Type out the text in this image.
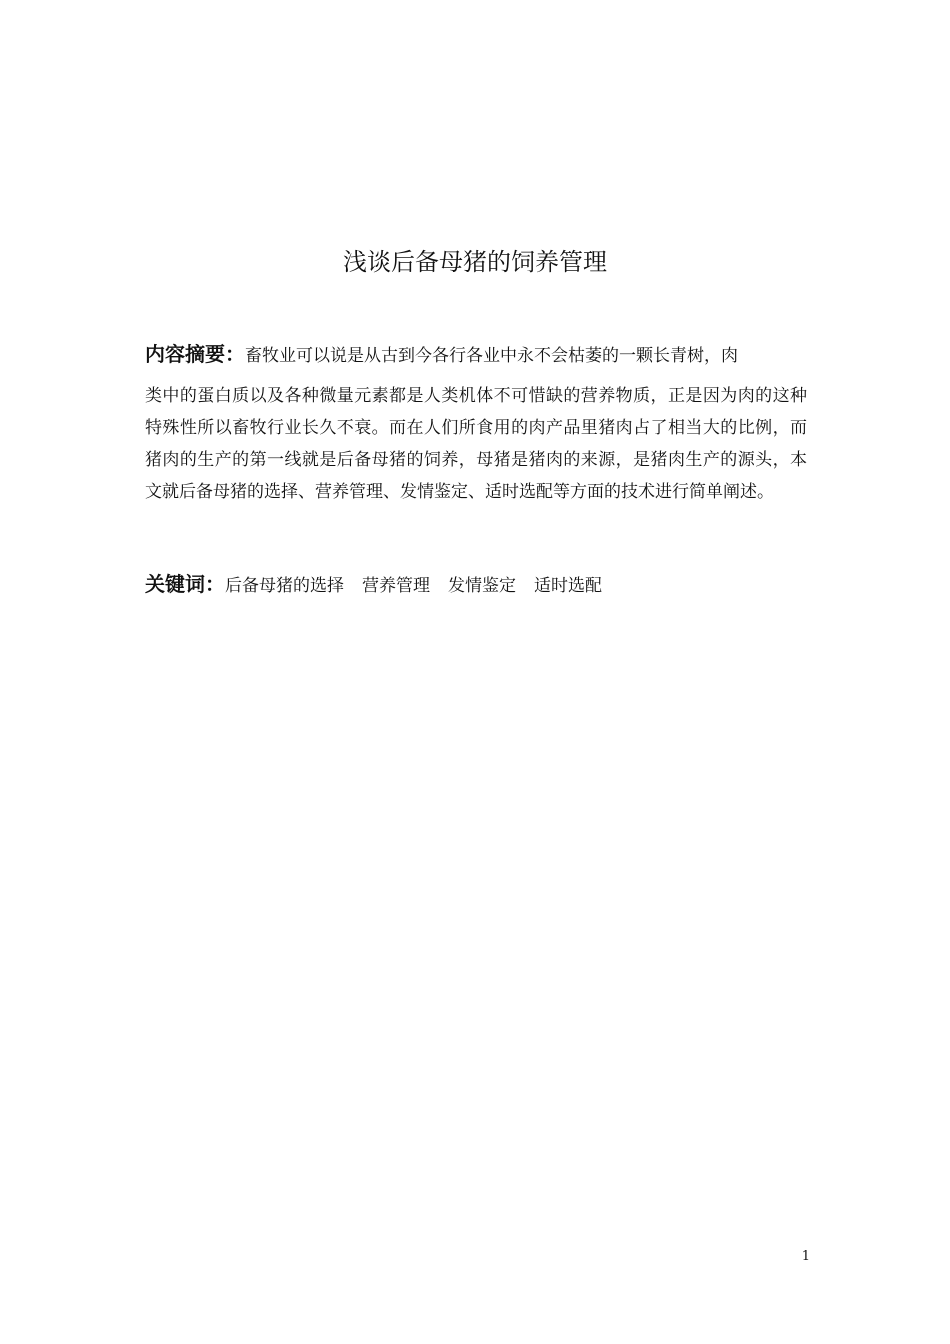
浅谈后备母猪的饲养管理

内容摘要：畜牧业可以说是从古到今各行各业中永不会枯萎的一颗长青树，肉
类中的蛋白质以及各种微量元素都是人类机体不可惜缺的营养物质，正是因为肉的这种特殊性所以畜牧行业长久不衰。而在人们所食用的肉产品里猪肉占了相当大的比例，而猪肉的生产的第一线就是后备母猪的饲养，母猪是猪肉的来源，是猪肉生产的源头，本文就后备母猪的选择、营养管理、发情鉴定、适时选配等方面的技术进行简单阐述。

关键词：后备母猪的选择 营养管理 发情鉴定 适时选配

1
